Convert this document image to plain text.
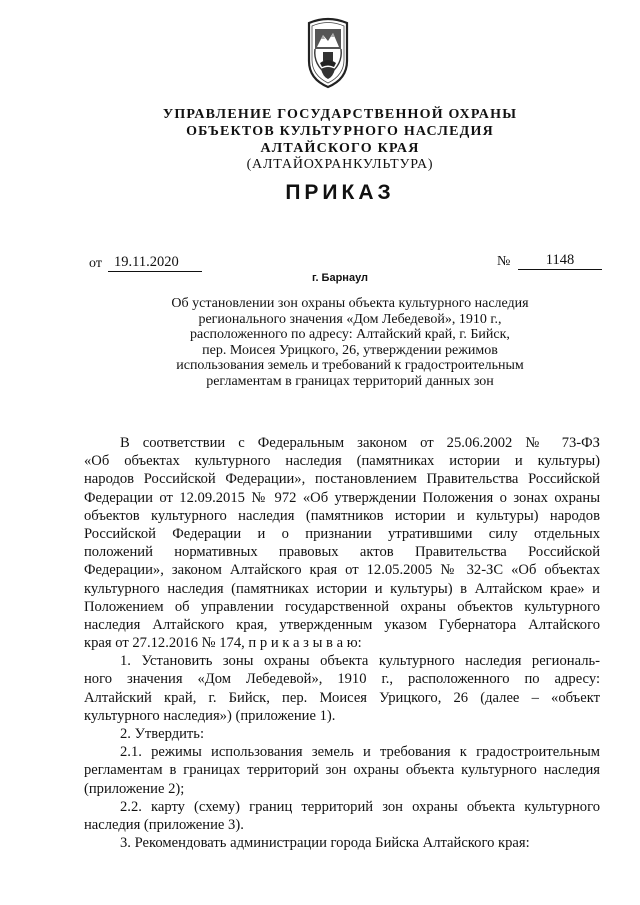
УПРАВЛЕНИЕ ГОСУДАРСТВЕННОЙ ОХРАНЫ
ОБЪЕКТОВ КУЛЬТУРНОГО НАСЛЕДИЯ
АЛТАЙСКОГО КРАЯ
(АЛТАЙОХРАНКУЛЬТУРА)
ПРИКАЗ
от 19.11.2020	№	1148
г. Барнаул
Об установлении зон охраны объекта культурного наследия
регионального значения «Дом Лебедевой», 1910 г.,
расположенного по адресу: Алтайский край, г. Бийск,
пер. Моисея Урицкого, 26, утверждении режимов
использования земель и требований к градостроительным
регламентам в границах территорий данных зон
В соответствии с Федеральным законом от 25.06.2002 № 73-ФЗ
«Об объектах культурного наследия (памятниках истории и культуры)
народов Российской Федерации», постановлением Правительства Российской
Федерации от 12.09.2015 № 972 «Об утверждении Положения о зонах охраны
объектов культурного наследия (памятников истории и культуры) народов
Российской Федерации и о признании утратившими силу отдельных
положений нормативных правовых актов Правительства Российской
Федерации», законом Алтайского края от 12.05.2005 № 32-ЗС «Об объектах
культурного наследия (памятниках истории и культуры) в Алтайском крае» и
Положением об управлении государственной охраны объектов культурного
наследия Алтайского края, утвержденным указом Губернатора Алтайского
края от 27.12.2016 № 174, п р и к а з ы в а ю:
1. Установить зоны охраны объекта культурного наследия региональ-
ного значения «Дом Лебедевой», 1910 г., расположенного по адресу:
Алтайский край, г. Бийск, пер. Моисея Урицкого, 26 (далее – «объект
культурного наследия») (приложение 1).
2. Утвердить:
2.1. режимы использования земель и требования к градостроительным
регламентам в границах территорий зон охраны объекта культурного наследия
(приложение 2);
2.2. карту (схему) границ территорий зон охраны объекта культурного
наследия (приложение 3).
3. Рекомендовать администрации города Бийска Алтайского края:
